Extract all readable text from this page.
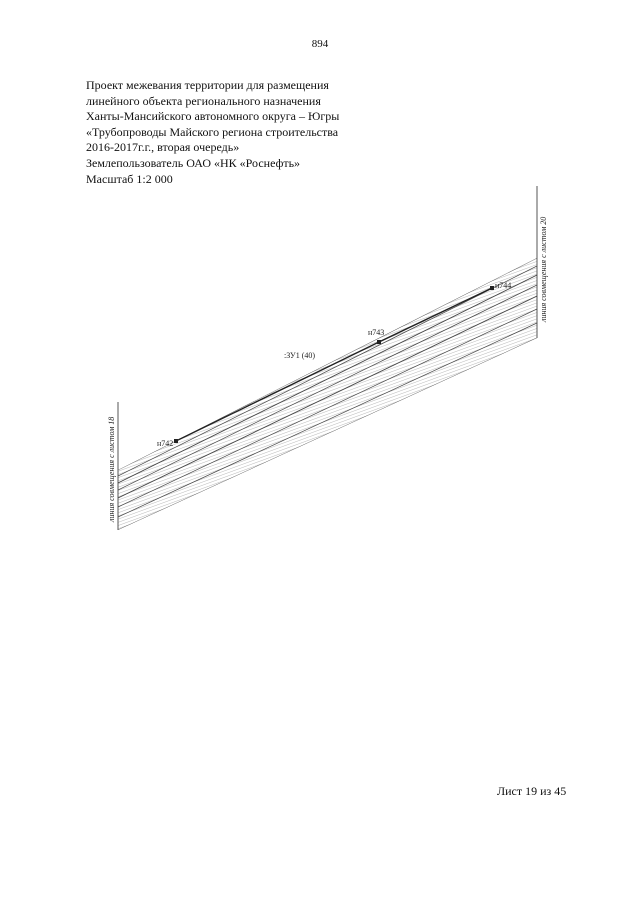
894
Проект межевания территории для размещения
линейного объекта регионального назначения
Ханты-Мансийского автономного округа – Югры
«Трубопроводы Майского региона строительства
2016-2017г.г., вторая очередь»
Землепользователь ОАО «НК «Роснефть»
Масштаб 1:2 000
н742
н743
н744
:ЗУ1 (40)
линия совмещения с листом 18
линия совмещения с листом 20
Лист 19 из 45
